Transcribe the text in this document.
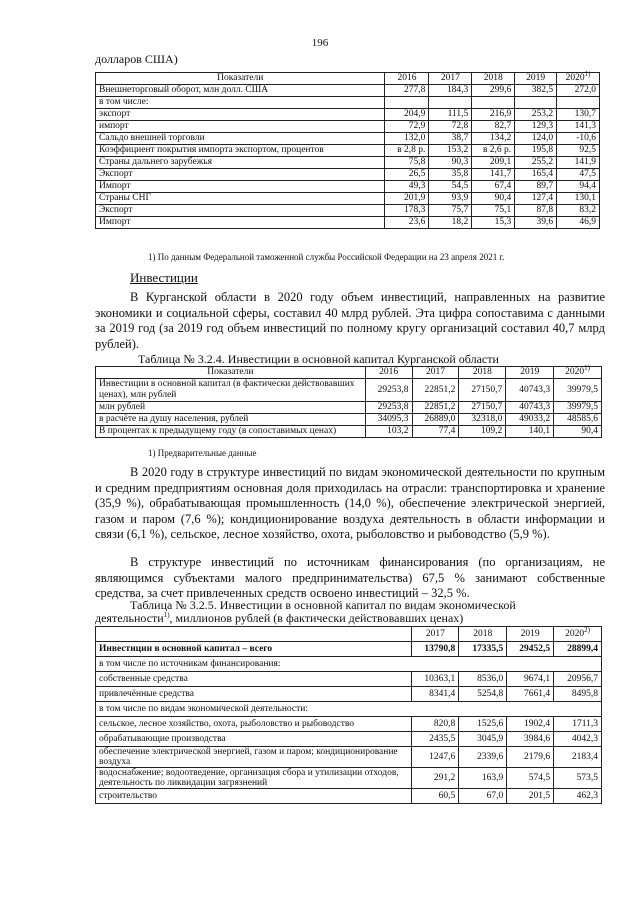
196
долларов США)
Показатели	2016	2017	2018	2019	2020$^{1)}$
Внешнеторговый оборот, млн долл. США	277,8	184,3	299,6	382,5	272,0
в том числе:					
экспорт	204,9	111,5	216,9	253,2	130,7
импорт	72,9	72,8	82,7	129,3	141,3
Сальдо внешней торговли	132,0	38,7	134,2	124,0	-10,6
Коэффициент покрытия импорта экспортом, процентов	в 2,8 р.	153,2	в 2,6 р.	195,8	92,5
Страны дальнего зарубежья	75,8	90,3	209,1	255,2	141,9
Экспорт	26,5	35,8	141,7	165,4	47,5
Импорт	49,3	54,5	67,4	89,7	94,4
Страны СНГ	201,9	93,9	90,4	127,4	130,1
Экспорт	178,3	75,7	75,1	87,8	83,2
Импорт	23,6	18,2	15,3	39,6	46,9
1) По данным Федеральной таможенной службы Российской Федерации на 23 апреля 2021 г.
Инвестиции

В Курганской области в 2020 году объем инвестиций, направленных на развитие экономики и социальной сферы, составил 40 млрд рублей. Эта цифра сопоставима с данными за 2019 год (за 2019 год объем инвестиций по полному кругу организаций составил 40,7 млрд рублей).

Таблица № 3.2.4. Инвестиции в основной капитал Курганской области
Показатели	2016	2017	2018	2019	2020$^{1)}$
Инвестиции в основной капитал (в фактически действовавших ценах), млн рублей	29253,8	22851,2	27150,7	40743,3	39979,5
млн рублей	29253,8	22851,2	27150,7	40743,3	39979,5
в расчёте на душу населения, рублей	34095,3	26889,0	32318,0	49033,2	48585,6
В процентах к предыдущему году (в сопоставимых ценах)	103,2	77,4	109,2	140,1	90,4
1) Предварительные данные

В 2020 году в структуре инвестиций по видам экономической деятельности по крупным и средним предприятиям основная доля приходилась на отрасли: транспортировка и хранение (35,9 %), обрабатывающая промышленность (14,0 %), обеспечение электрической энергией, газом и паром (7,6 %); кондиционирование воздуха деятельность в области информации и связи (6,1 %), сельское, лесное хозяйство, охота, рыболовство и рыбоводство (5,9 %).

В структуре инвестиций по источникам финансирования (по организациям, не являющимся субъектами малого предпринимательства) 67,5 % занимают собственные средства, за счет привлеченных средств освоено инвестиций – 32,5 %.

Таблица № 3.2.5. Инвестиции в основной капитал по видам экономической
деятельности$^{1)}$, миллионов рублей (в фактически действовавших ценах)
	2017	2018	2019	2020$^{2)}$
Инвестиции в основной капитал – всего	13790,8	17335,5	29452,5	28899,4
в том числе по источникам финансирования:				
собственные средства	10363,1	8536,0	9674,1	20956,7
привлечённые средства	8341,4	5254,8	7661,4	8495,8
в том числе по видам экономической деятельности:				
сельское, лесное хозяйство, охота, рыболовство и рыбоводство	820,8	1525,6	1902,4	1711,3
обрабатывающие производства	2435,5	3045,9	3984,6	4042,3
обеспечение электрической энергией, газом и паром; кондиционирование воздуха	1247,6	2339,6	2179,6	2183,4
водоснабжение; водоотведение, организация сбора и утилизации отходов, деятельность по ликвидации загрязнений	291,2	163,9	574,5	573,5
строительство	60,5	67,0	201,5	462,3
